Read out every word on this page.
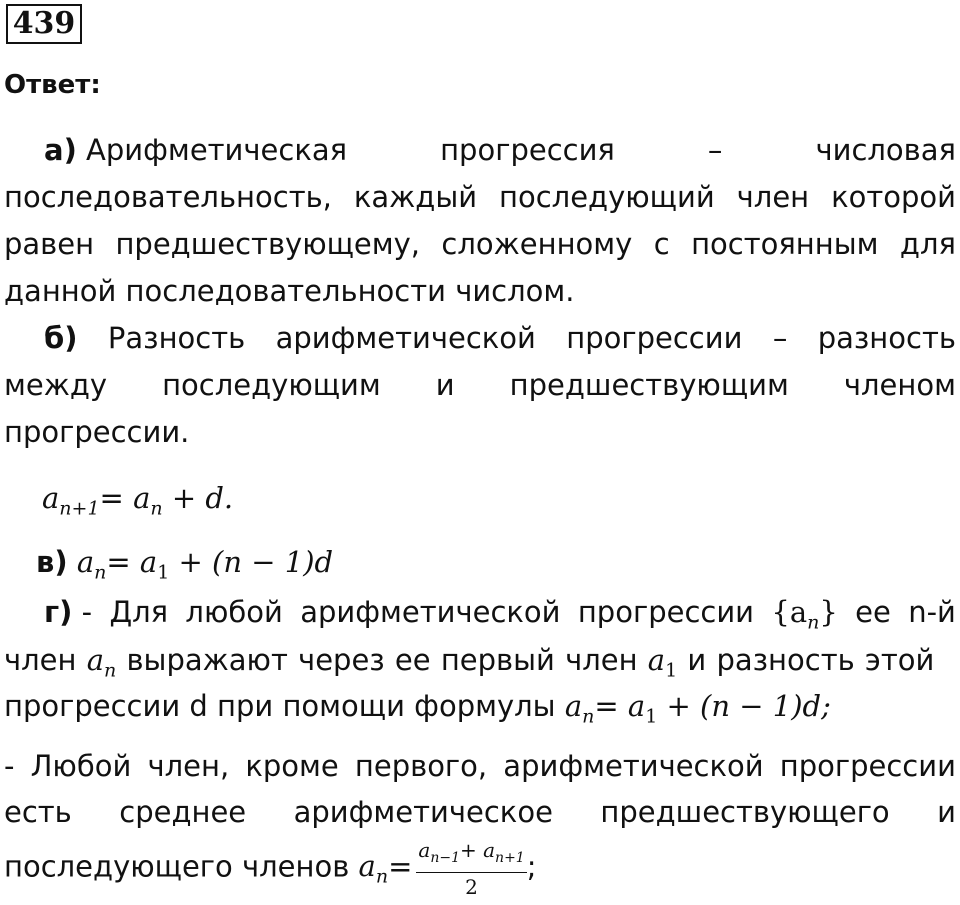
439
Ответ:
а) Арифметическая	прогрессия	–	числовая
последовательность, каждый последующий член которой
равен предшествующему, сложенному с постоянным для
данной последовательности числом.
б) Разность арифметической прогрессии – разность
между последующим и предшествующим членом
прогрессии.
$a_{n+1}= a_n + d$.
в) $a_n= a_1 + (n - 1)d$
г) - Для любой арифметической прогрессии $\{a_n\}$ ее n-й
член $a_n$ выражают через ее первый член $a_1$ и разность этой
прогрессии d при помощи формулы $a_n= a_1 + (n - 1)d$;
- Любой член, кроме первого, арифметической прогрессии
есть среднее арифметическое предшествующего и
последующего членов $a_n= \frac{a_{n-1}+ a_{n+1}}{2}$ ;
